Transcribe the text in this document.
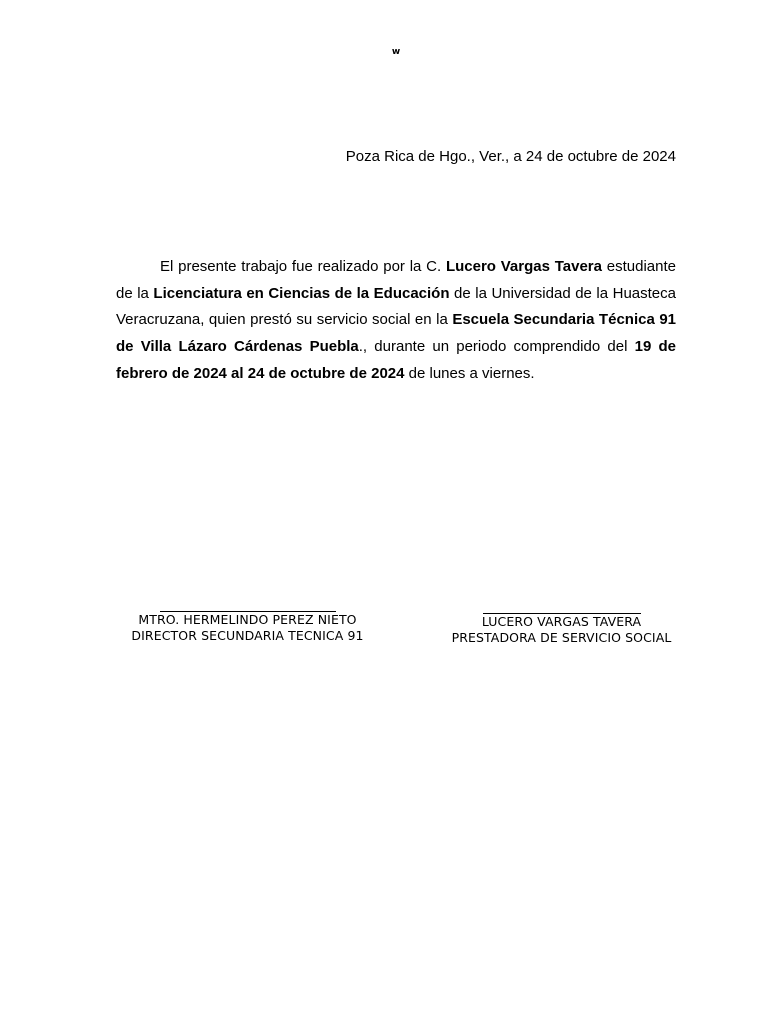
w
Poza Rica de Hgo., Ver., a 24 de octubre de 2024

El presente trabajo fue realizado por la C. Lucero Vargas Tavera estudiante de la Licenciatura en Ciencias de la Educación de la Universidad de la Huasteca Veracruzana, quien prestó su servicio social en la Escuela Secundaria Técnica 91 de Villa Lázaro Cárdenas Puebla., durante un periodo comprendido del 19 de febrero de 2024 al 24 de octubre de 2024 de lunes a viernes.

MTRO. HERMELINDO PEREZ NIETO
DIRECTOR SECUNDARIA TECNICA 91
LUCERO VARGAS TAVERA
PRESTADORA DE SERVICIO SOCIAL
